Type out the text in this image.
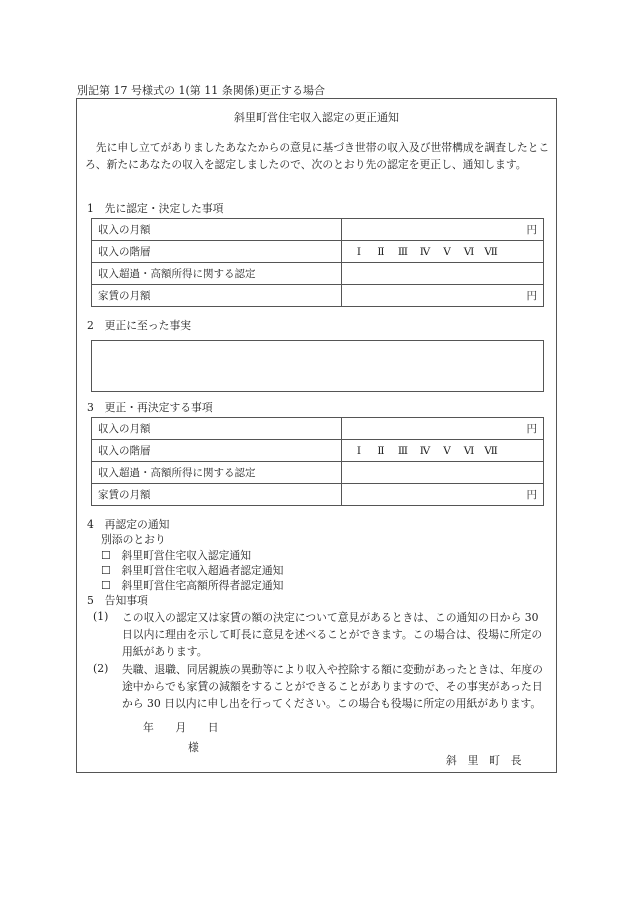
別記第 17 号様式の 1(第 11 条関係)更正する場合
斜里町営住宅収入認定の更正通知
先に申し立てがありましたあなたからの意見に基づき世帯の収入及び世帯構成を調査したところ、新たにあなたの収入を認定しましたので、次のとおり先の認定を更正し、通知します。
1　先に認定・決定した事項
収入の月額	円
収入の階層	Ⅰ Ⅱ Ⅲ Ⅳ Ⅴ Ⅵ Ⅶ
収入超過・高額所得に関する認定	
家賃の月額	円
2　更正に至った事実
3　更正・再決定する事項
収入の月額	円
収入の階層	Ⅰ Ⅱ Ⅲ Ⅳ Ⅴ Ⅵ Ⅶ
収入超過・高額所得に関する認定	
家賃の月額	円
4　再認定の通知
別添のとおり
☐　斜里町営住宅収入認定通知
☐　斜里町営住宅収入超過者認定通知
☐　斜里町営住宅高額所得者認定通知
5　告知事項
(1) この収入の認定又は家賃の額の決定について意見があるときは、この通知の日から 30 日以内に理由を示して町長に意見を述べることができます。この場合は、役場に所定の用紙があります。
(2) 失職、退職、同居親族の異動等により収入や控除する額に変動があったときは、年度の途中からでも家賃の減額をすることができることがありますので、その事実があった日から 30 日以内に申し出を行ってください。この場合も役場に所定の用紙があります。
年　　月　　日
様
斜　里　町　長
